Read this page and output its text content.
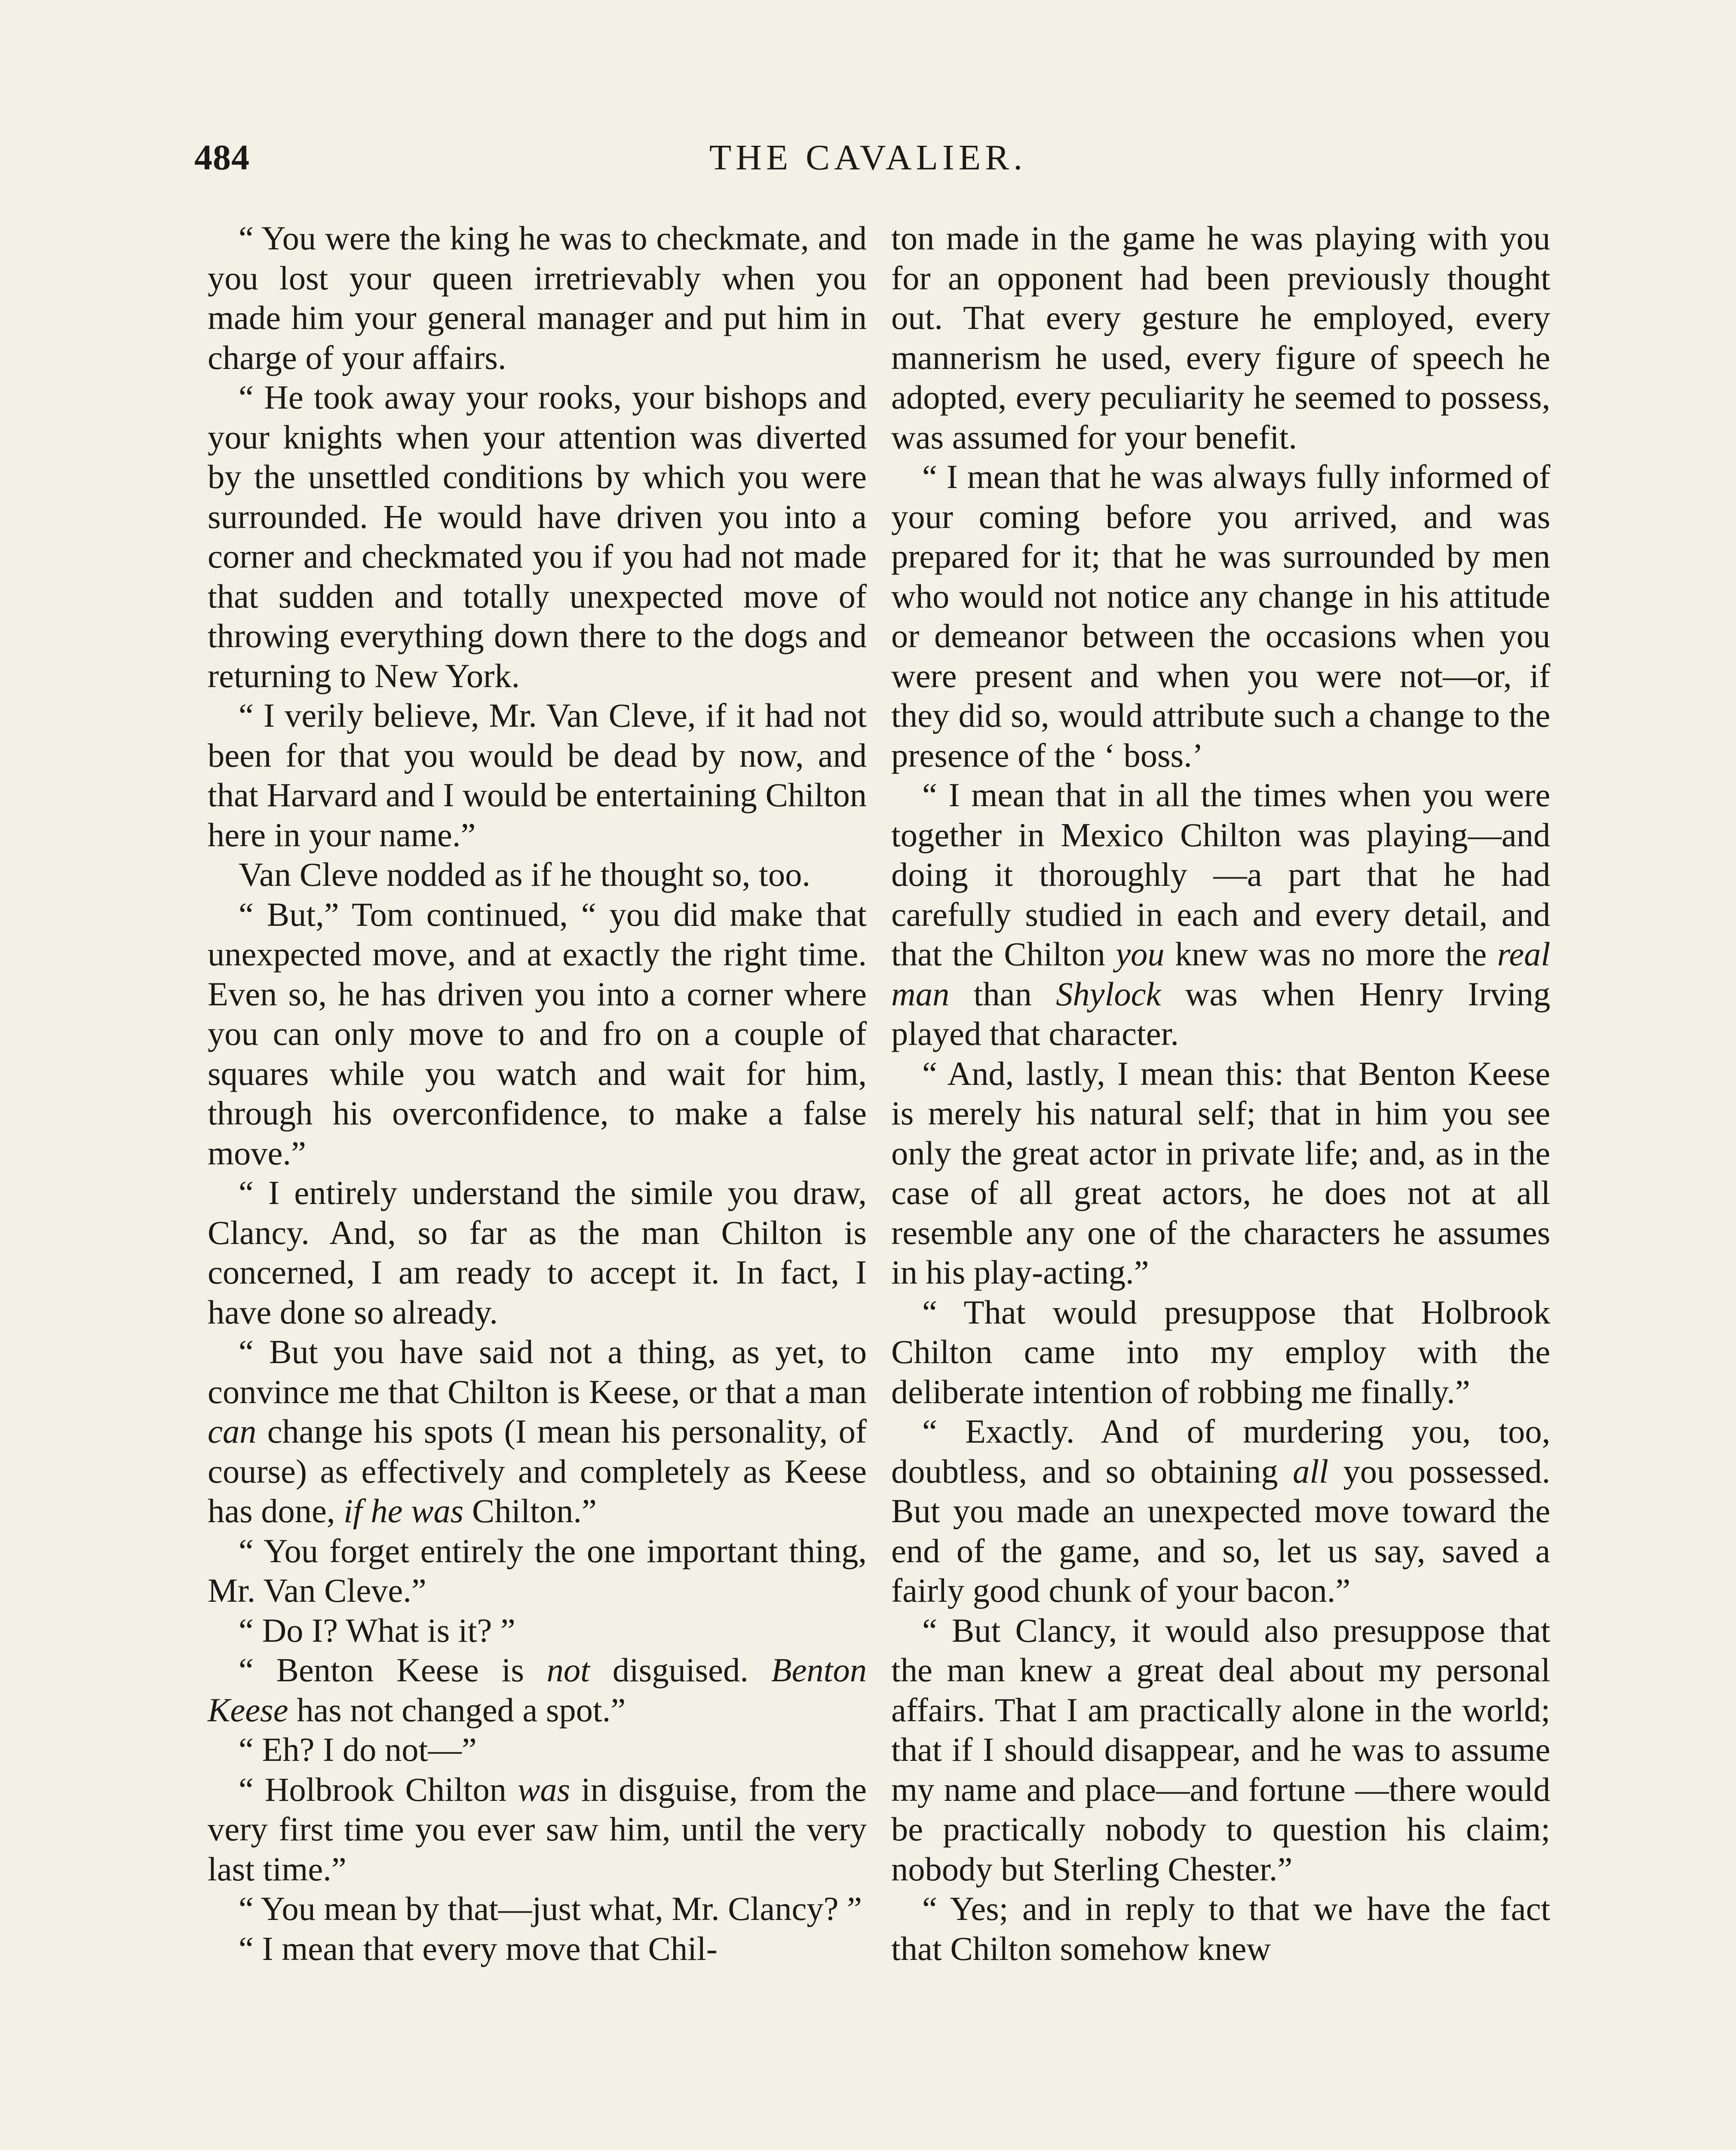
484	THE CAVALIER.

“ You were the king he was to checkmate, and you lost your queen irretrievably when you made him your general manager and put him in charge of your affairs.

“ He took away your rooks, your bishops and your knights when your attention was diverted by the unsettled conditions by which you were surrounded. He would have driven you into a corner and checkmated you if you had not made that sudden and totally unexpected move of throwing everything down there to the dogs and returning to New York.

“ I verily believe, Mr. Van Cleve, if it had not been for that you would be dead by now, and that Harvard and I would be entertaining Chilton here in your name.”

Van Cleve nodded as if he thought so, too.

“ But,” Tom continued, “ you did make that unexpected move, and at exactly the right time. Even so, he has driven you into a corner where you can only move to and fro on a couple of squares while you watch and wait for him, through his overconfidence, to make a false move.”

“ I entirely understand the simile you draw, Clancy. And, so far as the man Chilton is concerned, I am ready to accept it. In fact, I have done so already.

“ But you have said not a thing, as yet, to convince me that Chilton is Keese, or that a man can change his spots (I mean his personality, of course) as effectively and completely as Keese has done, if he was Chilton.”

“ You forget entirely the one important thing, Mr. Van Cleve.”

“ Do I? What is it? ”

“ Benton Keese is not disguised. Benton Keese has not changed a spot.”

“ Eh? I do not—”

“ Holbrook Chilton was in disguise, from the very first time you ever saw him, until the very last time.”

“ You mean by that—just what, Mr. Clancy? ”

“ I mean that every move that Chil-

ton made in the game he was playing with you for an opponent had been previously thought out. That every gesture he employed, every mannerism he used, every figure of speech he adopted, every peculiarity he seemed to possess, was assumed for your benefit.

“ I mean that he was always fully informed of your coming before you arrived, and was prepared for it; that he was surrounded by men who would not notice any change in his attitude or demeanor between the occasions when you were present and when you were not—or, if they did so, would attribute such a change to the presence of the ‘ boss.’

“ I mean that in all the times when you were together in Mexico Chilton was playing—and doing it thoroughly —a part that he had carefully studied in each and every detail, and that the Chilton you knew was no more the real man than Shylock was when Henry Irving played that character.

“ And, lastly, I mean this: that Benton Keese is merely his natural self; that in him you see only the great actor in private life; and, as in the case of all great actors, he does not at all resemble any one of the characters he assumes in his play-acting.”

“ That would presuppose that Holbrook Chilton came into my employ with the deliberate intention of robbing me finally.”

“ Exactly. And of murdering you, too, doubtless, and so obtaining all you possessed. But you made an unexpected move toward the end of the game, and so, let us say, saved a fairly good chunk of your bacon.”

“ But Clancy, it would also presuppose that the man knew a great deal about my personal affairs. That I am practically alone in the world; that if I should disappear, and he was to assume my name and place—and fortune —there would be practically nobody to question his claim; nobody but Sterling Chester.”

“ Yes; and in reply to that we have the fact that Chilton somehow knew
